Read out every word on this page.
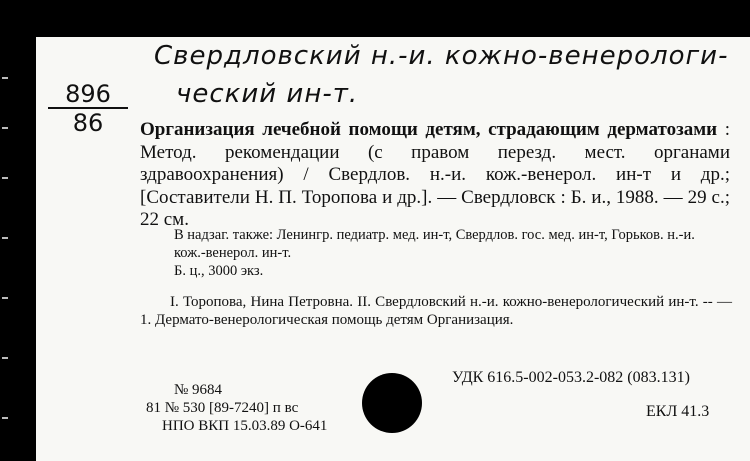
Свердловский н.-и. кожно-венерологи-
ческий ин-т.
$\frac{896}{86}$ Организация лечебной помощи детям, страдающим дерматозами : Метод. рекомендации (с правом перезд. мест. органами здравоохранения) / Свердлов. н.-и. кож.-венерол. ин-т и др.; [Составители Н. П. Торопова и др.]. — Свердловск : Б. и., 1988. — 29 с.; 22 см.
В надзаг. также: Ленингр. педиатр. мед. ин-т, Свердлов. гос. мед. ин-т, Горьков. н.-и. кож.-венерол. ин-т.
Б. ц., 3000 экз.
I. Торопова, Нина Петровна. II. Свердловский н.-и. кожно-венерологический ин-т. -- — 1. Дермато-венерологическая помощь детям Организация.
УДК 616.5-002-053.2-082 (083.131)
№ 9684
81 № 530 [89-7240] п вс
НПО ВКП 15.03.89 О-641
ЕКЛ 41.3
